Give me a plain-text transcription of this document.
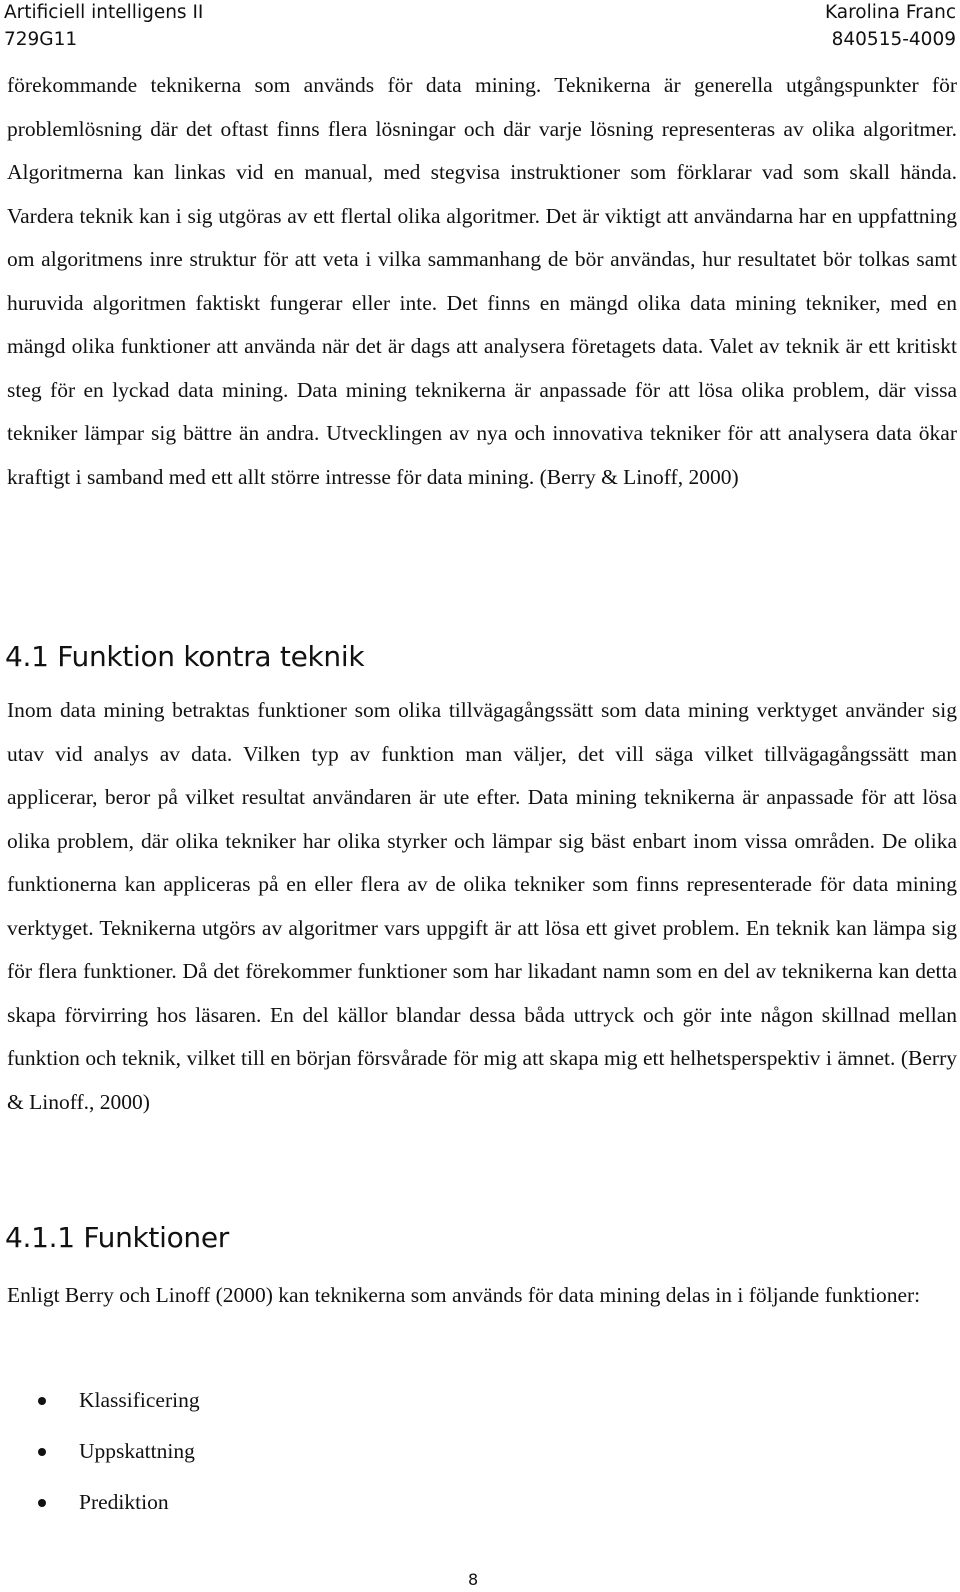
Artificiell intelligens II
729G11
Karolina Franc
840515-4009

förekommande teknikerna som används för data mining. Teknikerna är generella utgångspunkter för problemlösning där det oftast finns flera lösningar och där varje lösning representeras av olika algoritmer. Algoritmerna kan linkas vid en manual, med stegvisa instruktioner som förklarar vad som skall hända. Vardera teknik kan i sig utgöras av ett flertal olika algoritmer. Det är viktigt att användarna har en uppfattning om algoritmens inre struktur för att veta i vilka sammanhang de bör användas, hur resultatet bör tolkas samt huruvida algoritmen faktiskt fungerar eller inte. Det finns en mängd olika data mining tekniker, med en mängd olika funktioner att använda när det är dags att analysera företagets data. Valet av teknik är ett kritiskt steg för en lyckad data mining. Data mining teknikerna är anpassade för att lösa olika problem, där vissa tekniker lämpar sig bättre än andra. Utvecklingen av nya och innovativa tekniker för att analysera data ökar kraftigt i samband med ett allt större intresse för data mining. (Berry & Linoff, 2000)

4.1 Funktion kontra teknik

Inom data mining betraktas funktioner som olika tillvägagångssätt som data mining verktyget använder sig utav vid analys av data. Vilken typ av funktion man väljer, det vill säga vilket tillvägagångssätt man applicerar, beror på vilket resultat användaren är ute efter. Data mining teknikerna är anpassade för att lösa olika problem, där olika tekniker har olika styrker och lämpar sig bäst enbart inom vissa områden. De olika funktionerna kan appliceras på en eller flera av de olika tekniker som finns representerade för data mining verktyget. Teknikerna utgörs av algoritmer vars uppgift är att lösa ett givet problem. En teknik kan lämpa sig för flera funktioner. Då det förekommer funktioner som har likadant namn som en del av teknikerna kan detta skapa förvirring hos läsaren. En del källor blandar dessa båda uttryck och gör inte någon skillnad mellan funktion och teknik, vilket till en början försvårade för mig att skapa mig ett helhetsperspektiv i ämnet. (Berry & Linoff., 2000)

4.1.1 Funktioner

Enligt Berry och Linoff (2000) kan teknikerna som används för data mining delas in i följande funktioner:

Klassificering
Uppskattning
Prediktion
8
